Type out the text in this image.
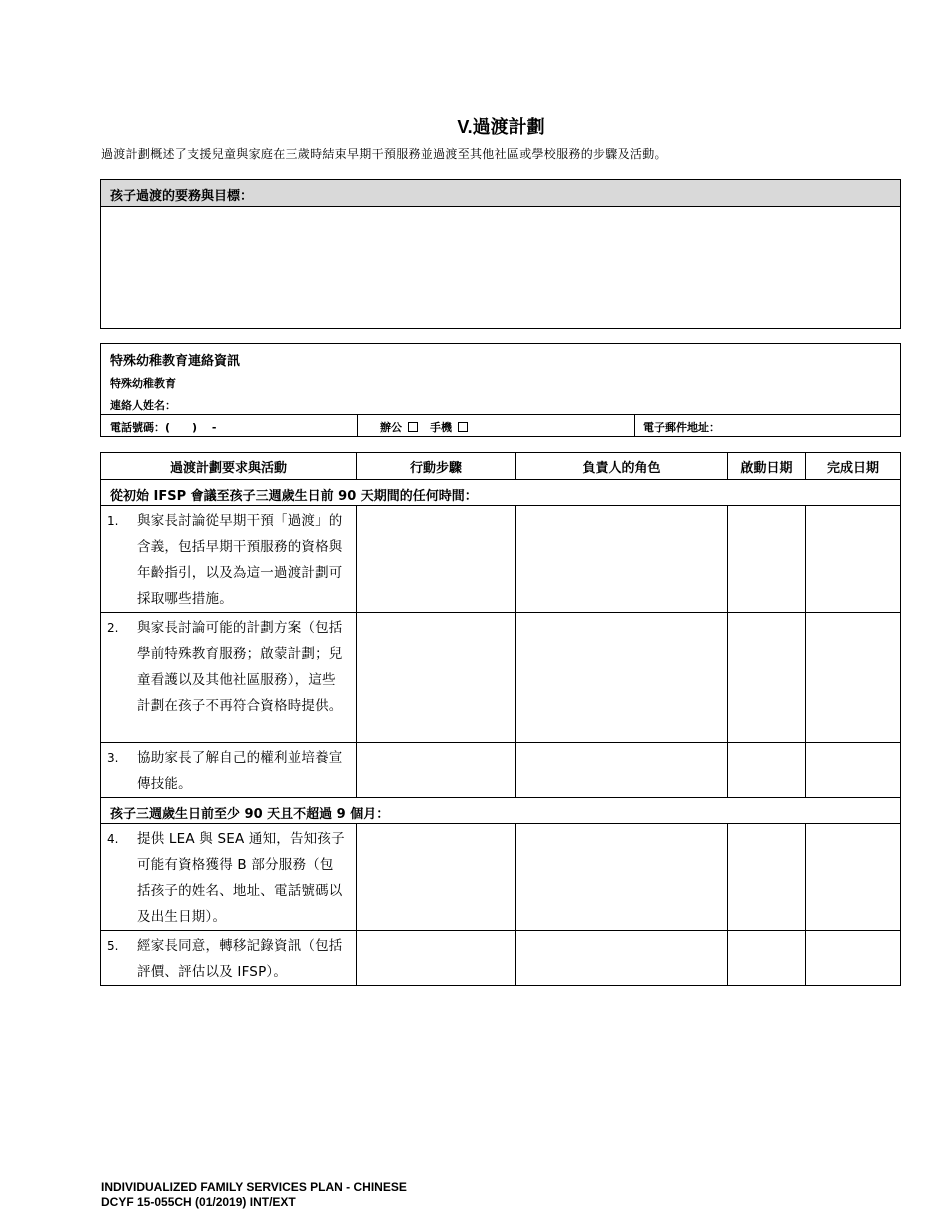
V.過渡計劃
過渡計劃概述了支援兒童與家庭在三歲時結束早期干預服務並過渡至其他社區或學校服務的步驟及活動。
孩子過渡的要務與目標：
特殊幼稚教育連絡資訊
特殊幼稚教育
連絡人姓名：
電話號碼：(　　)　 -	辦公	手機	電子郵件地址：
過渡計劃要求與活動	行動步驟	負責人的角色	啟動日期	完成日期
從初始 IFSP 會議至孩子三週歲生日前 90 天期間的任何時間：				

1. 與家長討論從早期干預「過渡」的含義，包括早期干預服務的資格與年齡指引，以及為這一過渡計劃可採取哪些措施。				

2. 與家長討論可能的計劃方案（包括學前特殊教育服務；啟蒙計劃；兒童看護以及其他社區服務），這些計劃在孩子不再符合資格時提供。				

3. 協助家長了解自己的權利並培養宣傳技能。				

孩子三週歲生日前至少 90 天且不超過 9 個月：				

4. 提供 LEA 與 SEA 通知，告知孩子可能有資格獲得 B 部分服務（包括孩子的姓名、地址、電話號碼以及出生日期）。				

5. 經家長同意，轉移記錄資訊（包括評價、評估以及 IFSP）。				

INDIVIDUALIZED FAMILY SERVICES PLAN - CHINESE
DCYF 15-055CH (01/2019) INT/EXT
